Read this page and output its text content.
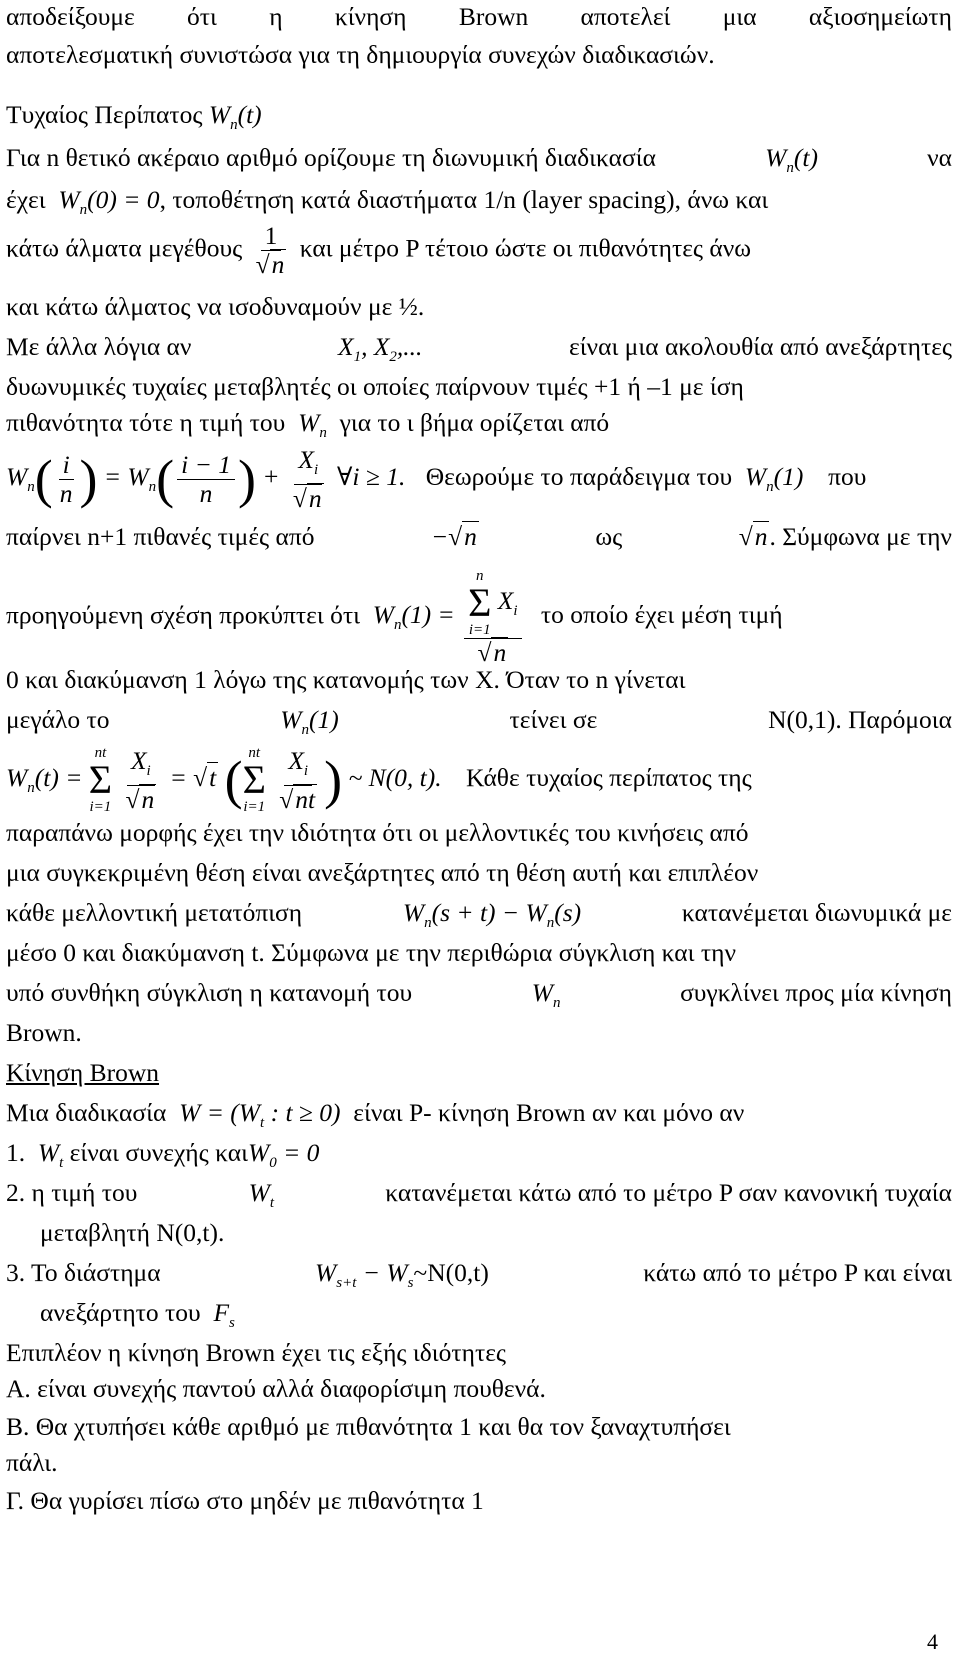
αποδείξουμε ότι η κίνηση Brown αποτελεί μια αξιοσημείωτη
αποτελεσματική συνιστώσα για τη δημιουργία συνεχών διαδικασιών.
Τυχαίος Περίπατος $W_n(t)$
Για n θετικό ακέραιο αριθμό ορίζουμε τη διωνυμική διαδικασία	$W_n(t)$	να
έχει  $W_n(0) = 0$, τοποθέτηση κατά διαστήματα 1/n (layer spacing), άνω και
κάτω άλματα μεγέθους 1
√ n και μέτρο P τέτοιο ώστε οι πιθανότητες άνω
και κάτω άλματος να ισοδυναμούν με ½.
Με άλλα λόγια αν	$X_1$, $X_2$,...	είναι μια ακολουθία από ανεξάρτητες
δυωνυμικές τυχαίες μεταβλητές οι οποίες παίρνουν τιμές +1 ή –1 με ίση
πιθανότητα τότε η τιμή του  $W_n$ για το ι βήμα ορίζεται από
$W_n( \frac{i}{n}$ ) = $W_n( \frac{i - 1}{n}$ ) + $X_i$
√ n ∀i ≥ 1. Θεωρούμε το παράδειγμα του  $W_n(1)$  που
παίρνει n+1 πιθανές τιμές από	− √ n	ως	√ n. Σύμφωνα με την
προηγούμενη σχέση προκύπτει ότι  $W_n(1) = n$
Σ
i=1
$X_i$
√ n το οποίο έχει μέση τιμή
0 και διακύμανση 1 λόγω της κατανομής των X. Όταν το n γίνεται
μεγάλο το	$W_n(1)$	τείνει σε	N(0,1). Παρόμοια
$W_n(t)$ =
nt
Σ
i=1
$X_i$
√ n = √ t ( nt
Σ
i=1
$X_i$
√ nt ) ~ N(0, t). Κάθε τυχαίος περίπατος της
παραπάνω μορφής έχει την ιδιότητα ότι οι μελλοντικές του κινήσεις από
μια συγκεκριμένη θέση είναι ανεξάρτητες από τη θέση αυτή και επιπλέον
κάθε μελλοντική μετατόπιση	$W_n(s + t) - W_n(s)$	κατανέμεται διωνυμικά με
μέσο 0 και διακύμανση t. Σύμφωνα με την περιθώρια σύγκλιση και την
υπό συνθήκη σύγκλιση η κατανομή του	$W_n$	συγκλίνει προς μία κίνηση
Brown.
Κίνηση Brown
Μια διαδικασία  $W = (W_t$ : t ≥ 0)  είναι P- κίνηση Brown αν και μόνο αν
1.  $W_t$ είναι συνεχής καιW$_0$ = 0
2. η τιμή του	$W_t$	κατανέμεται κάτω από το μέτρο P σαν κανονική τυχαία
μεταβλητή N(0,t).
3. Το διάστημα	$W_{s+t}$ − $W_s\sim N(0,t)$	κάτω από το μέτρο P και είναι
ανεξάρτητο του  $F_s$
Επιπλέον η κίνηση Brown έχει τις εξής ιδιότητες
Α. είναι συνεχής παντού αλλά διαφορίσιμη πουθενά.
Β. Θα χτυπήσει κάθε αριθμό με πιθανότητα 1 και θα τον ξαναχτυπήσει
πάλι.
Γ. Θα γυρίσει πίσω στο μηδέν με πιθανότητα 1
4
